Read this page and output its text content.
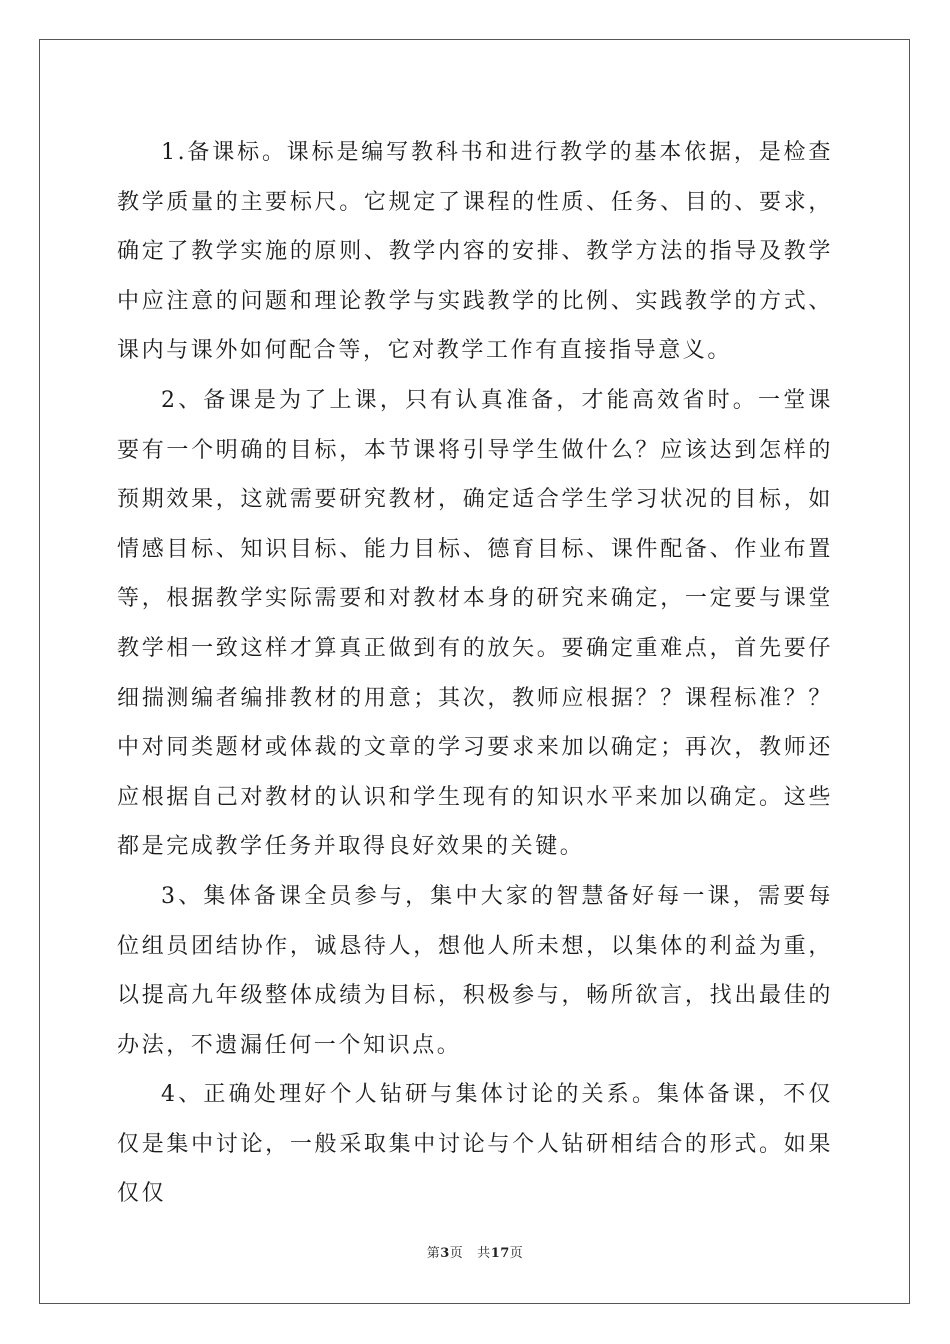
1.备课标。课标是编写教科书和进行教学的基本依据，是检查教学质量的主要标尺。它规定了课程的性质、任务、目的、要求，确定了教学实施的原则、教学内容的安排、教学方法的指导及教学中应注意的问题和理论教学与实践教学的比例、实践教学的方式、课内与课外如何配合等，它对教学工作有直接指导意义。

2、备课是为了上课，只有认真准备，才能高效省时。一堂课要有一个明确的目标，本节课将引导学生做什么？应该达到怎样的预期效果，这就需要研究教材，确定适合学生学习状况的目标，如情感目标、知识目标、能力目标、德育目标、课件配备、作业布置等，根据教学实际需要和对教材本身的研究来确定，一定要与课堂教学相一致这样才算真正做到有的放矢。要确定重难点，首先要仔细揣测编者编排教材的用意；其次，教师应根据？？课程标准？？中对同类题材或体裁的文章的学习要求来加以确定；再次，教师还应根据自己对教材的认识和学生现有的知识水平来加以确定。这些都是完成教学任务并取得良好效果的关键。

3、集体备课全员参与，集中大家的智慧备好每一课，需要每位组员团结协作，诚恳待人，想他人所未想，以集体的利益为重，以提高九年级整体成绩为目标，积极参与，畅所欲言，找出最佳的办法，不遗漏任何一个知识点。

4、正确处理好个人钻研与集体讨论的关系。集体备课，不仅仅是集中讨论，一般采取集中讨论与个人钻研相结合的形式。如果仅仅

第3页 共17页
